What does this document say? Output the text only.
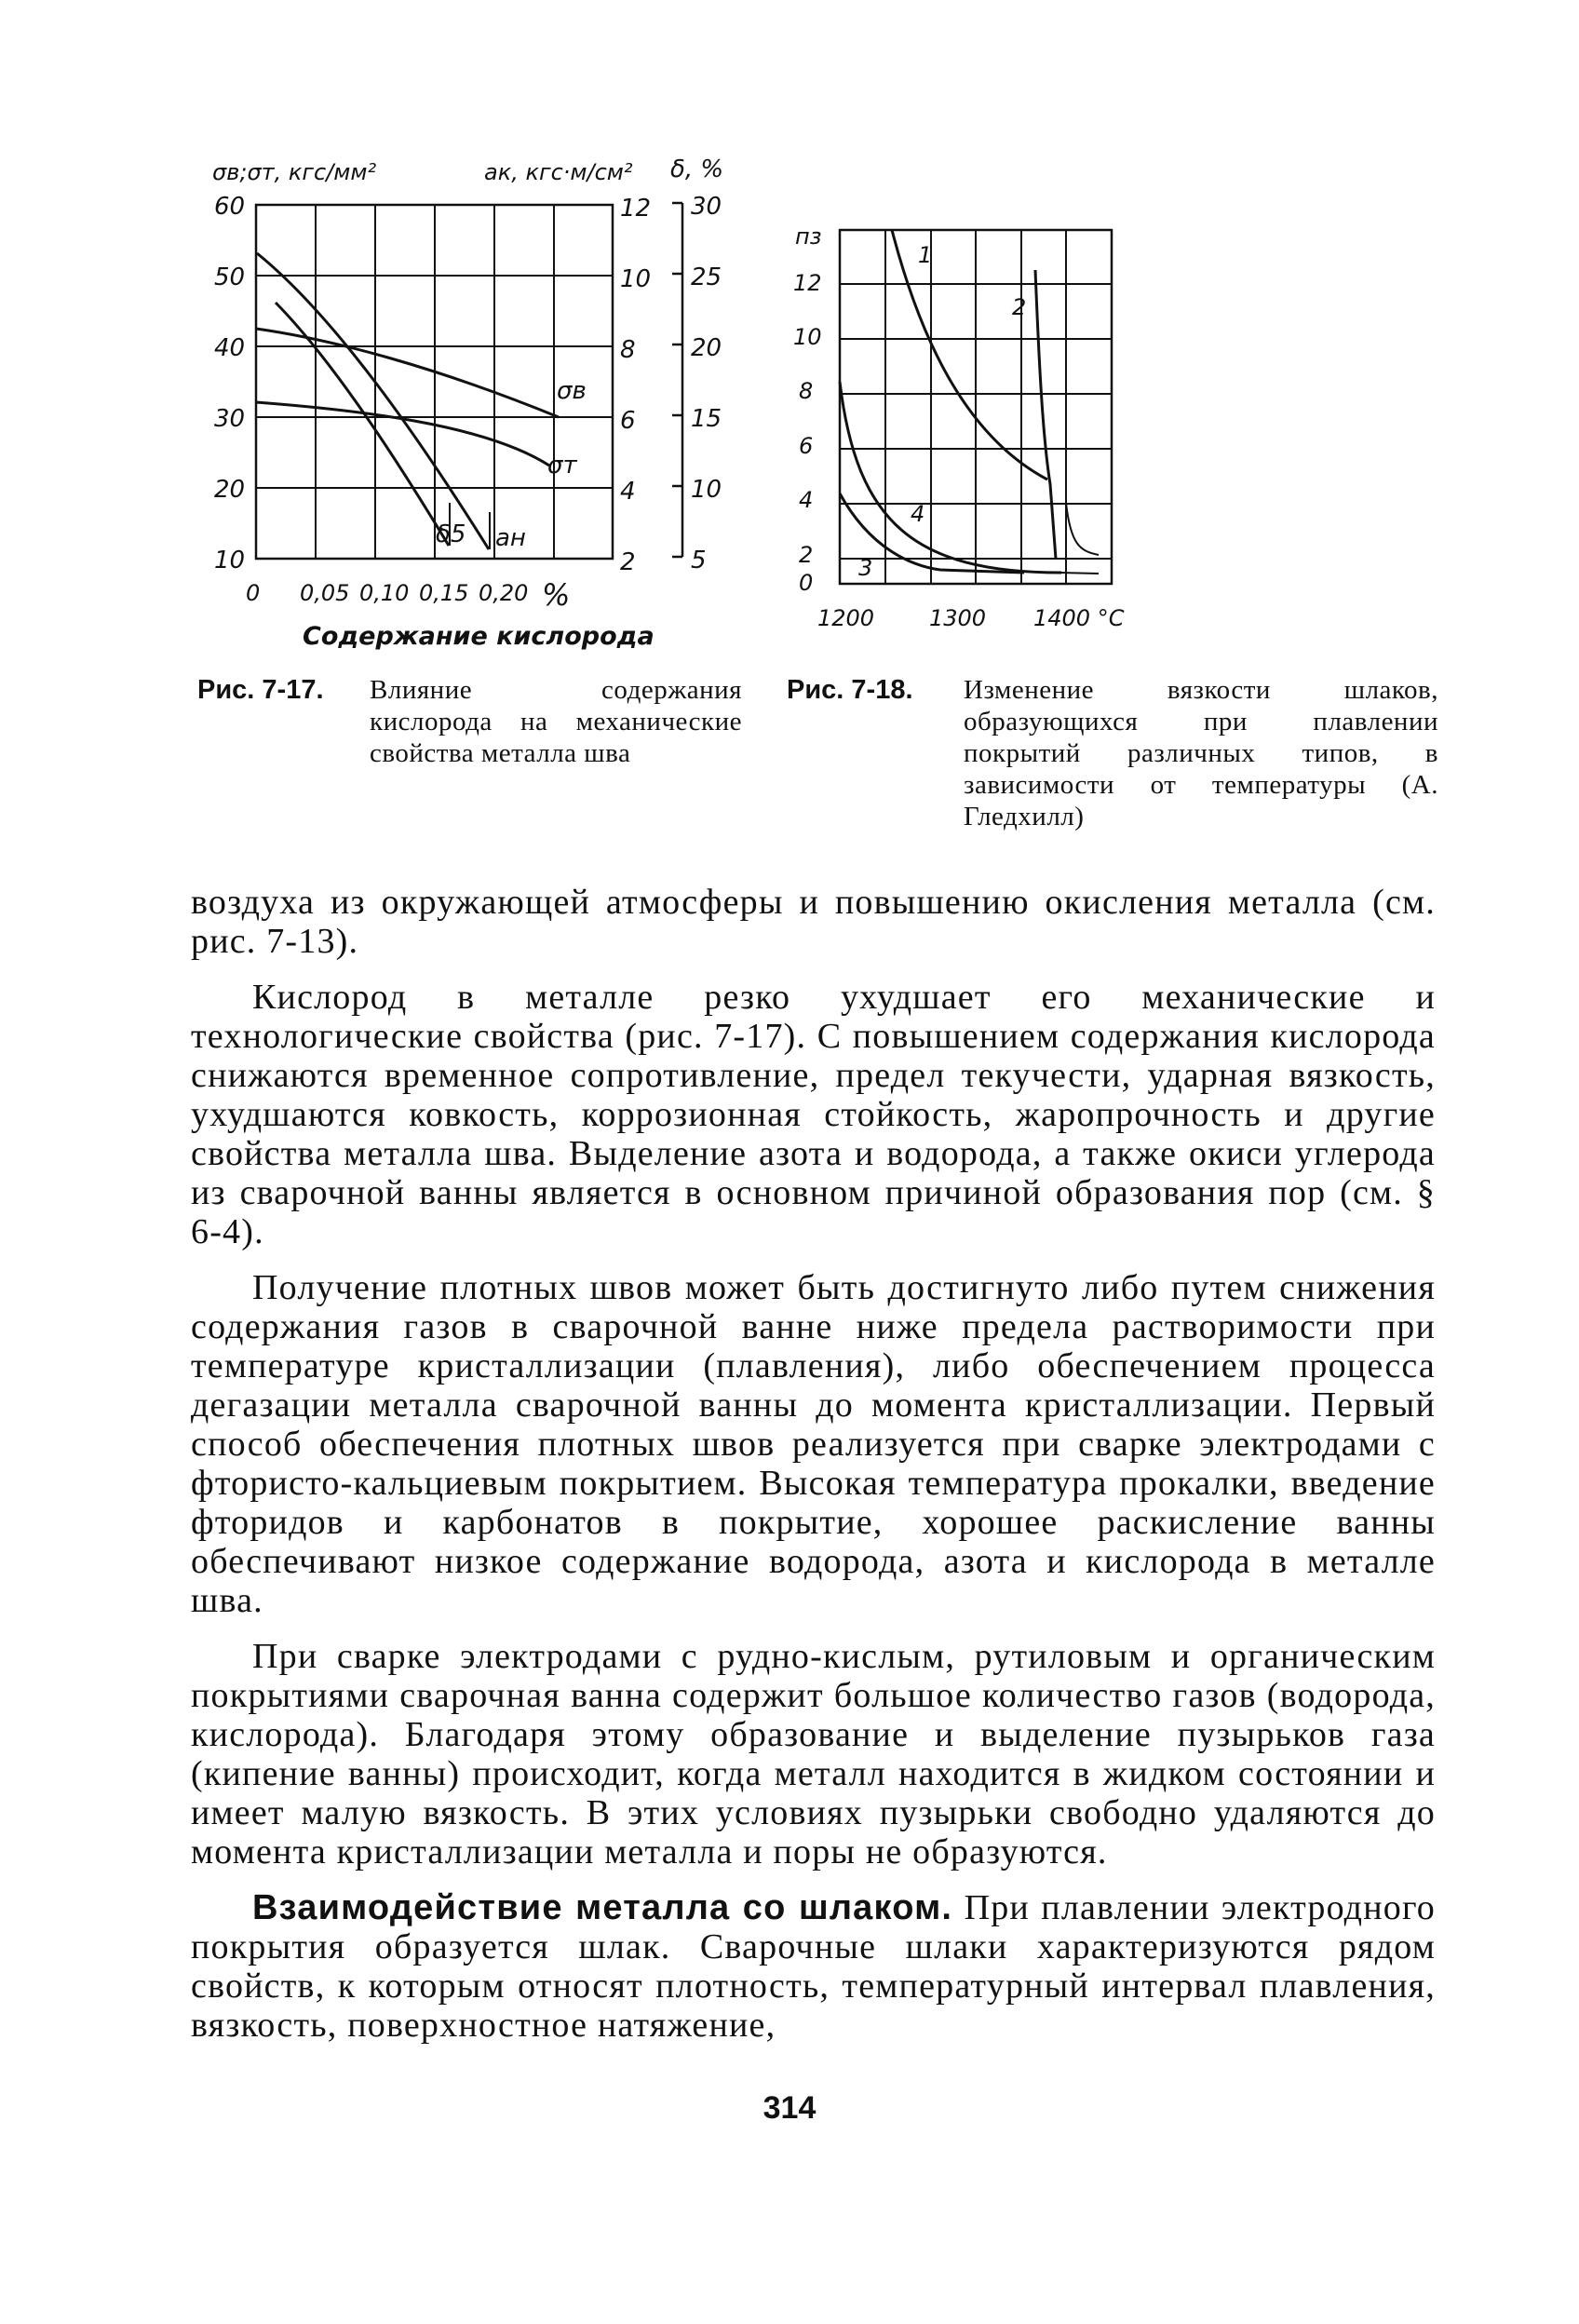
σв;σт, кгс/мм²	aк, кгс·м/см² δ, %
60
50
40
30
20
10
12
10
8
6
4
2
30
25
20
15
10
5
σв
σт
δ5 aн
0 0,05 0,10 0,15 0,20 %
Содержание кислорода
пз
12
10
8
6
4
2
0
1
2
3
4
1200 1300 1400 °С
Рис. 7-17. Влияние содержания кислорода на механические свойства металла шва
Рис. 7-18. Изменение вязкости шлаков, образующихся при плавлении покрытий различных типов, в зависимости от температуры (А. Гледхилл)

воздуха из окружающей атмосферы и повышению окисления металла (см. рис. 7-13).

Кислород в металле резко ухудшает его механические и технологические свойства (рис. 7-17). С повышением содержания кислорода снижаются временное сопротивление, предел текучести, ударная вязкость, ухудшаются ковкость, коррозионная стойкость, жаропрочность и другие свойства металла шва. Выделение азота и водорода, а также окиси углерода из сварочной ванны является в основном причиной образования пор (см. § 6-4).

Получение плотных швов может быть достигнуто либо путем снижения содержания газов в сварочной ванне ниже предела растворимости при температуре кристаллизации (плавления), либо обеспечением процесса дегазации металла сварочной ванны до момента кристаллизации. Первый способ обеспечения плотных швов реализуется при сварке электродами с фтористо-кальциевым покрытием. Высокая температура прокалки, введение фторидов и карбонатов в покрытие, хорошее раскисление ванны обеспечивают низкое содержание водорода, азота и кислорода в металле шва.

При сварке электродами с рудно-кислым, рутиловым и органическим покрытиями сварочная ванна содержит большое количество газов (водорода, кислорода). Благодаря этому образование и выделение пузырьков газа (кипение ванны) происходит, когда металл находится в жидком состоянии и имеет малую вязкость. В этих условиях пузырьки свободно удаляются до момента кристаллизации металла и поры не образуются.

Взаимодействие металла со шлаком. При плавлении электродного покрытия образуется шлак. Сварочные шлаки характеризуются рядом свойств, к которым относят плотность, температурный интервал плавления, вязкость, поверхностное натяжение,

314
